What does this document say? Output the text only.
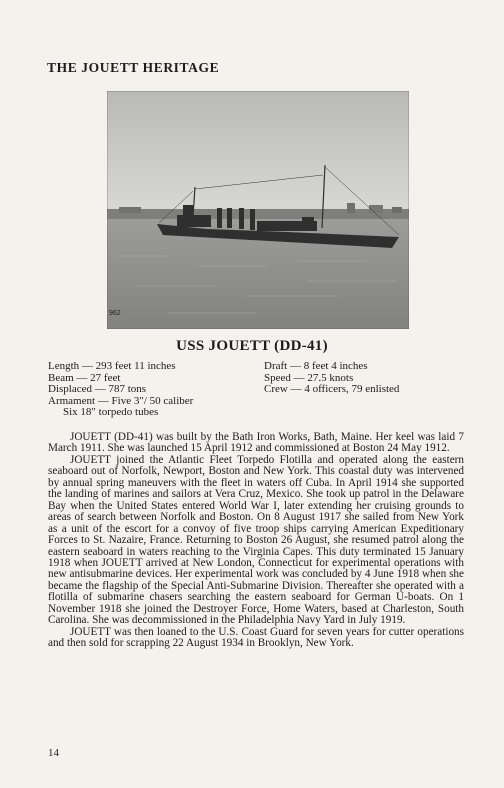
THE JOUETT HERITAGE
962
USS JOUETT (DD-41)
Length — 293 feet 11 inches
Beam — 27 feet
Displaced — 787 tons
Armament — Five 3"/ 50 caliber
Six 18" torpedo tubes
Draft — 8 feet 4 inches
Speed — 27.5 knots
Crew — 4 officers, 79 enlisted

JOUETT (DD-41) was built by the Bath Iron Works, Bath, Maine. Her keel was laid 7 March 1911. She was launched 15 April 1912 and commissioned at Boston 24 May 1912.

JOUETT joined the Atlantic Fleet Torpedo Flotilla and operated along the eastern seaboard out of Norfolk, Newport, Boston and New York. This coastal duty was intervened by annual spring maneuvers with the fleet in waters off Cuba. In April 1914 she supported the landing of marines and sailors at Vera Cruz, Mexico. She took up patrol in the Delaware Bay when the United States entered World War I, later extending her cruising grounds to areas of search between Norfolk and Boston. On 8 August 1917 she sailed from New York as a unit of the escort for a convoy of five troop ships carrying American Expeditionary Forces to St. Nazaire, France. Returning to Boston 26 August, she resumed patrol along the eastern seaboard in waters reaching to the Virginia Capes. This duty terminated 15 January 1918 when JOUETT arrived at New London, Connecticut for experimental operations with new antisubmarine devices. Her experimental work was concluded by 4 June 1918 when she became the flagship of the Special Anti-Submarine Division. Thereafter she operated with a flotilla of submarine chasers searching the eastern seaboard for German U-boats. On 1 November 1918 she joined the Destroyer Force, Home Waters, based at Charleston, South Carolina. She was decommissioned in the Philadelphia Navy Yard in July 1919.

JOUETT was then loaned to the U.S. Coast Guard for seven years for cutter operations and then sold for scrapping 22 August 1934 in Brooklyn, New York.

14
